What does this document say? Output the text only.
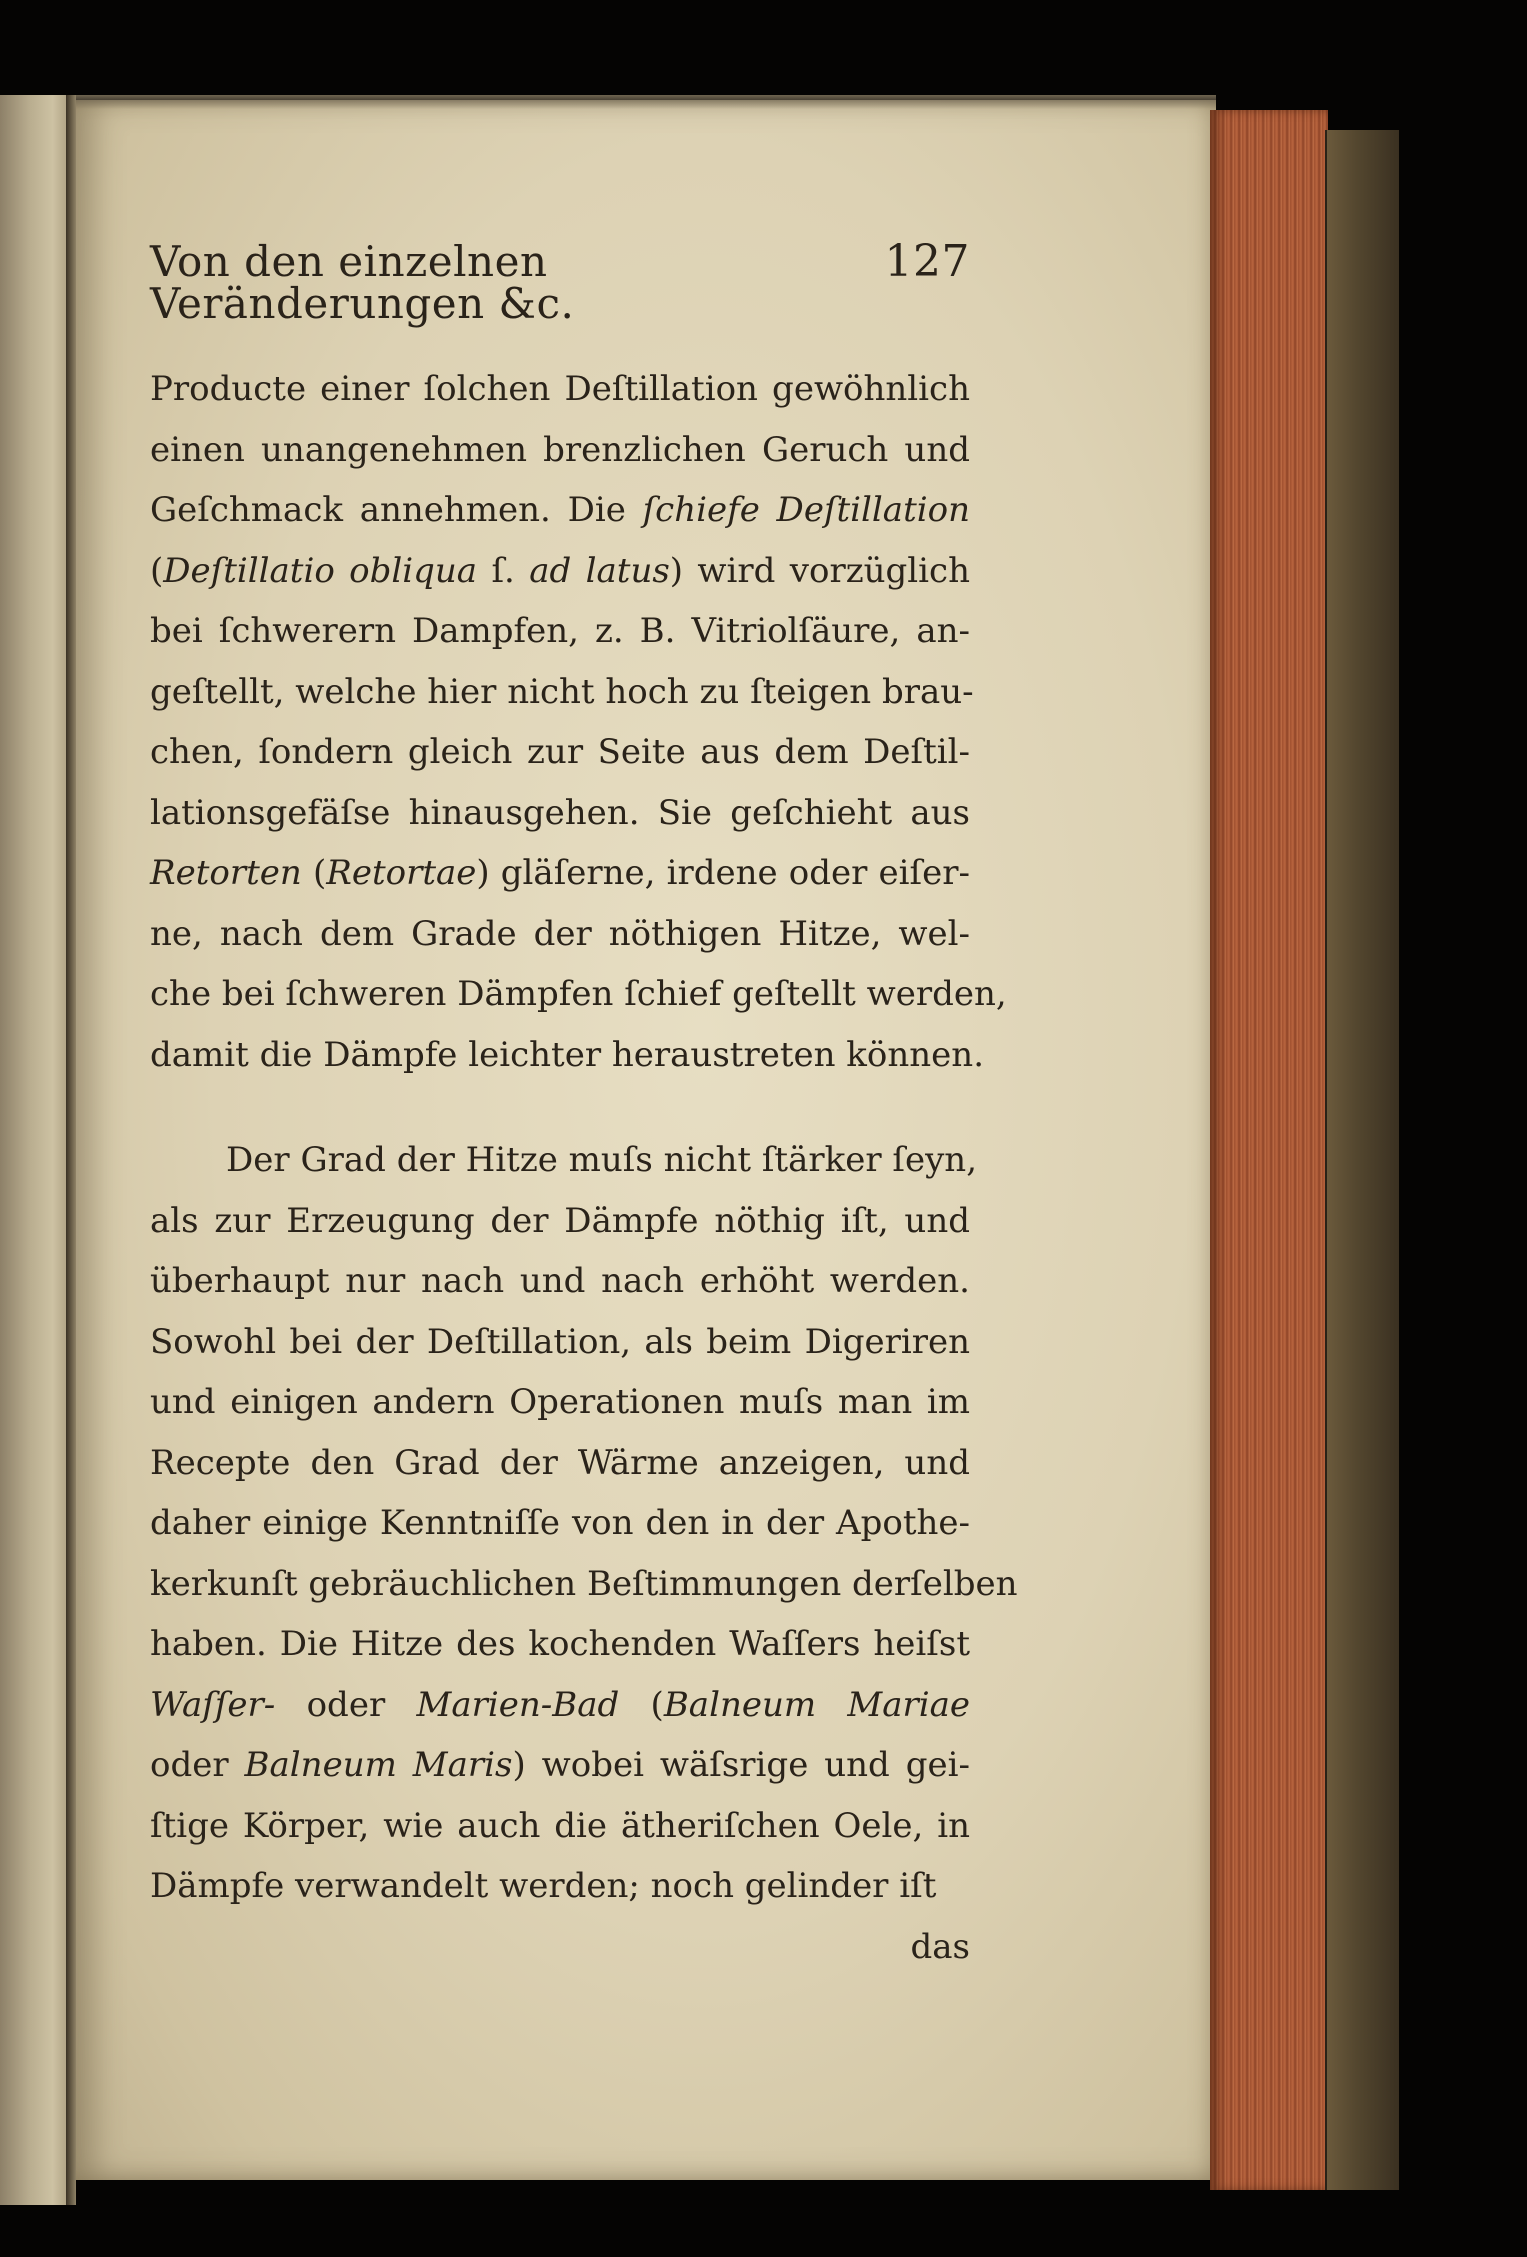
Von den einzelnen Veränderungen &c.
127
Producte einer ſolchen Deſtillation gewöhnlich
einen unangenehmen brenzlichen Geruch und
Geſchmack annehmen. Die ſchiefe Deſtillation
(Deſtillatio obliqua ſ. ad latus) wird vorzüglich
bei ſchwerern Dampfen, z. B. Vitriolſäure, an-
geſtellt, welche hier nicht hoch zu ſteigen brau-
chen, ſondern gleich zur Seite aus dem Deſtil-
lationsgefäſse hinausgehen. Sie geſchieht aus
Retorten (Retortae) gläſerne, irdene oder eiſer-
ne, nach dem Grade der nöthigen Hitze, wel-
che bei ſchweren Dämpfen ſchief geſtellt werden,
damit die Dämpfe leichter heraustreten können.
Der Grad der Hitze muſs nicht ſtärker ſeyn,
als zur Erzeugung der Dämpfe nöthig iſt, und
überhaupt nur nach und nach erhöht werden.
Sowohl bei der Deſtillation, als beim Digeriren
und einigen andern Operationen muſs man im
Recepte den Grad der Wärme anzeigen, und
daher einige Kenntniſſe von den in der Apothe-
kerkunſt gebräuchlichen Beſtimmungen derſelben
haben. Die Hitze des kochenden Waſſers heiſst
Waſſer- oder Marien-Bad (Balneum Mariae
oder Balneum Maris) wobei wäſsrige und gei-
ſtige Körper, wie auch die ätheriſchen Oele, in
Dämpfe verwandelt werden; noch gelinder iſt
das
